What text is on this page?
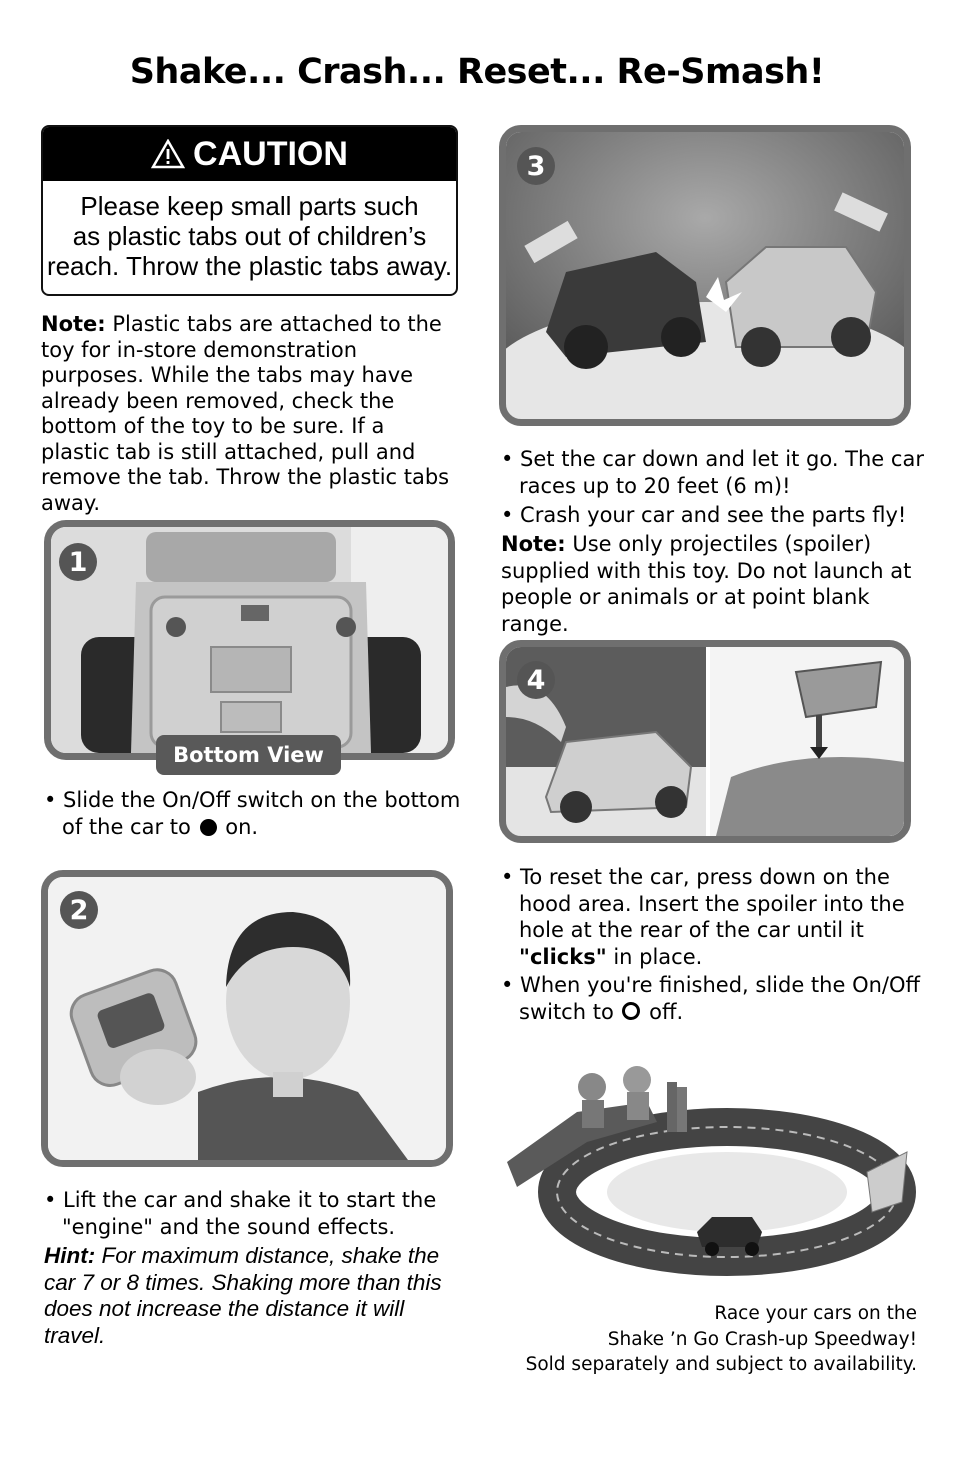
Shake... Crash... Reset... Re-Smash!
CAUTION
Please keep small parts such
as plastic tabs out of children’s
reach. Throw the plastic tabs away.
Note: Plastic tabs are attached to the toy for in-store demonstration purposes. While the tabs may have already been removed, check the bottom of the toy to be sure. If a plastic tab is still attached, pull and remove the tab. Throw the plastic tabs away.
1
Bottom View
• Slide the On/Off switch on the bottom of the car to  on.
2
• Lift the car and shake it to start the "engine" and the sound effects.
Hint: For maximum distance, shake the car 7 or 8 times. Shaking more than this does not increase the distance it will travel.
3
• Set the car down and let it go. The car races up to 20 feet (6 m)!
• Crash your car and see the parts fly!
Note: Use only projectiles (spoiler) supplied with this toy. Do not launch at people or animals or at point blank range.
4
• To reset the car, press down on the hood area. Insert the spoiler into the hole at the rear of the car until it "clicks" in place.
• When you're finished, slide the On/Off switch to  off.
Race your cars on the
Shake ’n Go Crash-up Speedway!
Sold separately and subject to availability.
